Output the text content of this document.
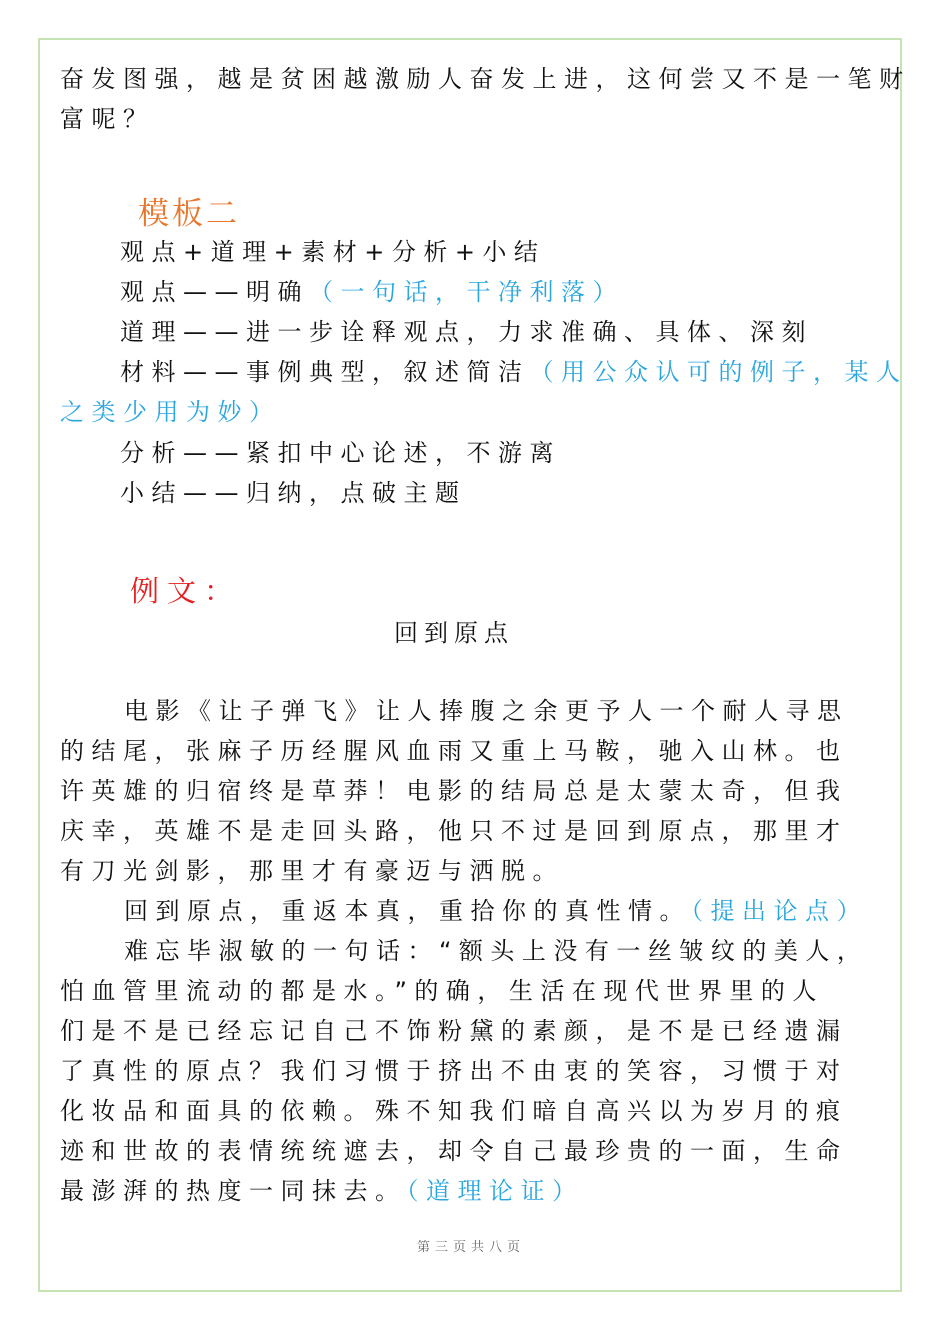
奋发图强，越是贫困越激励人奋发上进，这何尝又不是一笔财
富呢？
模板二
观点+道理+素材+分析+小结
观点——明确（一句话，干净利落）
道理——进一步诠释观点，力求准确、具体、深刻
材料——事例典型，叙述简洁（用公众认可的例子，某人
之类少用为妙）
分析——紧扣中心论述，不游离
小结——归纳，点破主题
例文：
回到原点
电影《让子弹飞》让人捧腹之余更予人一个耐人寻思
的结尾，张麻子历经腥风血雨又重上马鞍，驰入山林。也
许英雄的归宿终是草莽！电影的结局总是太蒙太奇，但我
庆幸，英雄不是走回头路，他只不过是回到原点，那里才
有刀光剑影，那里才有豪迈与洒脱。
回到原点，重返本真，重拾你的真性情。（提出论点）
难忘毕淑敏的一句话：“额头上没有一丝皱纹的美人，
怕血管里流动的都是水。”的确，生活在现代世界里的人
们是不是已经忘记自己不饰粉黛的素颜，是不是已经遗漏
了真性的原点？我们习惯于挤出不由衷的笑容，习惯于对
化妆品和面具的依赖。殊不知我们暗自高兴以为岁月的痕
迹和世故的表情统统遮去，却令自己最珍贵的一面，生命
最澎湃的热度一同抹去。（道理论证）
第三页共八页
